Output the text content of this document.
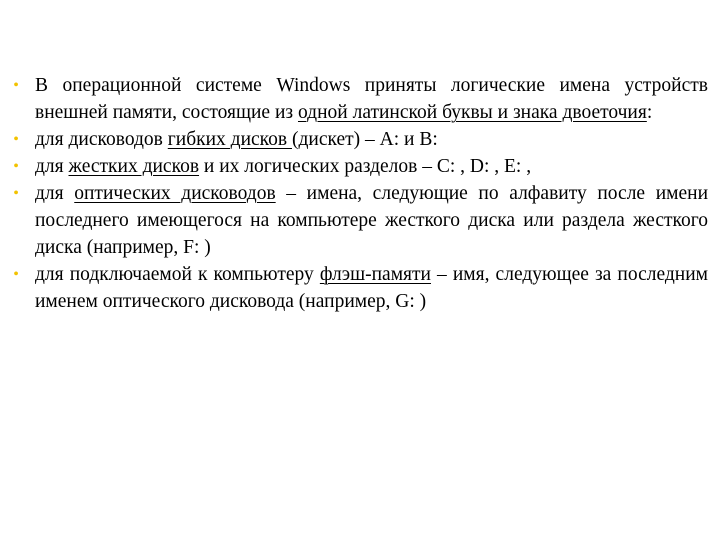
• В операционной системе Windows приняты логические имена устройств внешней памяти, состоящие из одной латинской буквы и знака двоеточия:
• для дисководов гибких дисков (дискет) – А: и В:
• для жестких дисков и их логических разделов – С: , D: , E: ,
• для оптических дисководов – имена, следующие по алфавиту после имени последнего имеющегося на компьютере жесткого диска или раздела жесткого диска (например, F: )
• для подключаемой к компьютеру флэш-памяти – имя, следующее за последним именем оптического дисковода (например, G: )
